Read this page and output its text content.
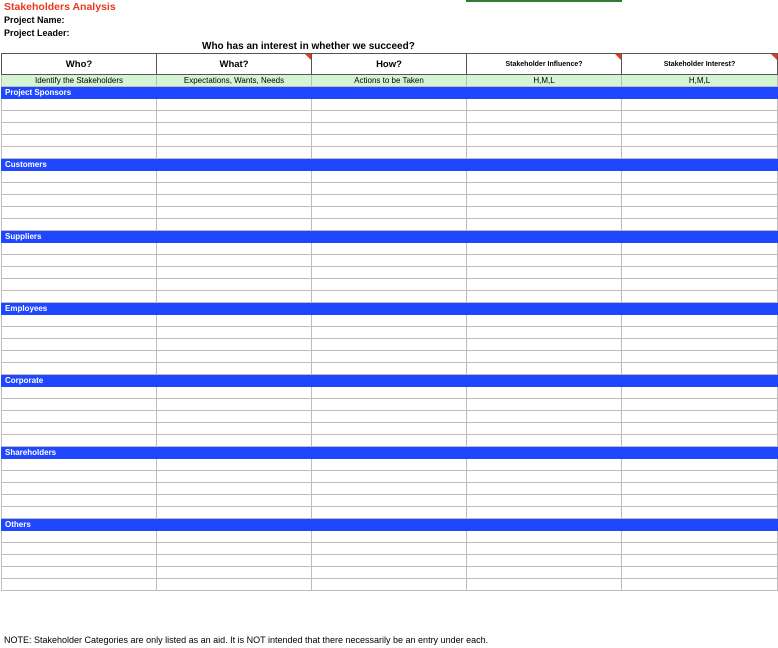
Stakeholders Analysis
Project Name:
Project Leader:
Who has an interest in whether we succeed?
Who?	What?	How?	Stakeholder Influence?	Stakeholder Interest?

Identify the Stakeholders	Expectations, Wants, Needs	Actions to be Taken	H,M,L	H,M,L
Project Sponsors				

Customers				

Suppliers				

Employees				

Corporate				

Shareholders				

Others				

NOTE: Stakeholder Categories are only listed as an aid. It is NOT intended that there necessarily be an entry under each.
